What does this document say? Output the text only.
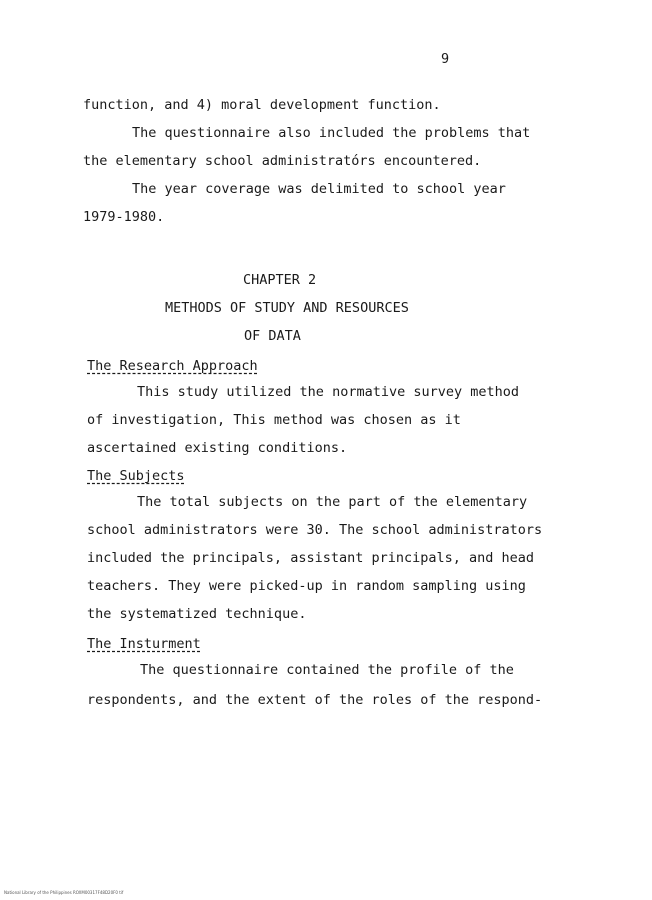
9
function, and 4) moral development function.
The questionnaire also included the problems that
the elementary school administratórs encountered.
The year coverage was delimited to school year
1979-1980.
CHAPTER 2
METHODS OF STUDY AND RESOURCES
OF DATA
The Research Approach
This study utilized the normative survey method
of investigation, This method was chosen as it
ascertained existing conditions.
The Subjects
The total subjects on the part of the elementary
school administrators were 30. The school administrators
included the principals, assistant principals, and head
teachers. They were picked-up in random sampling using
the systematized technique.
The Insturment
The questionnaire contained the profile of the
respondents, and the extent of the roles of the respond-
National Library of the Philippines ROXM00317F48D20F0 tif
